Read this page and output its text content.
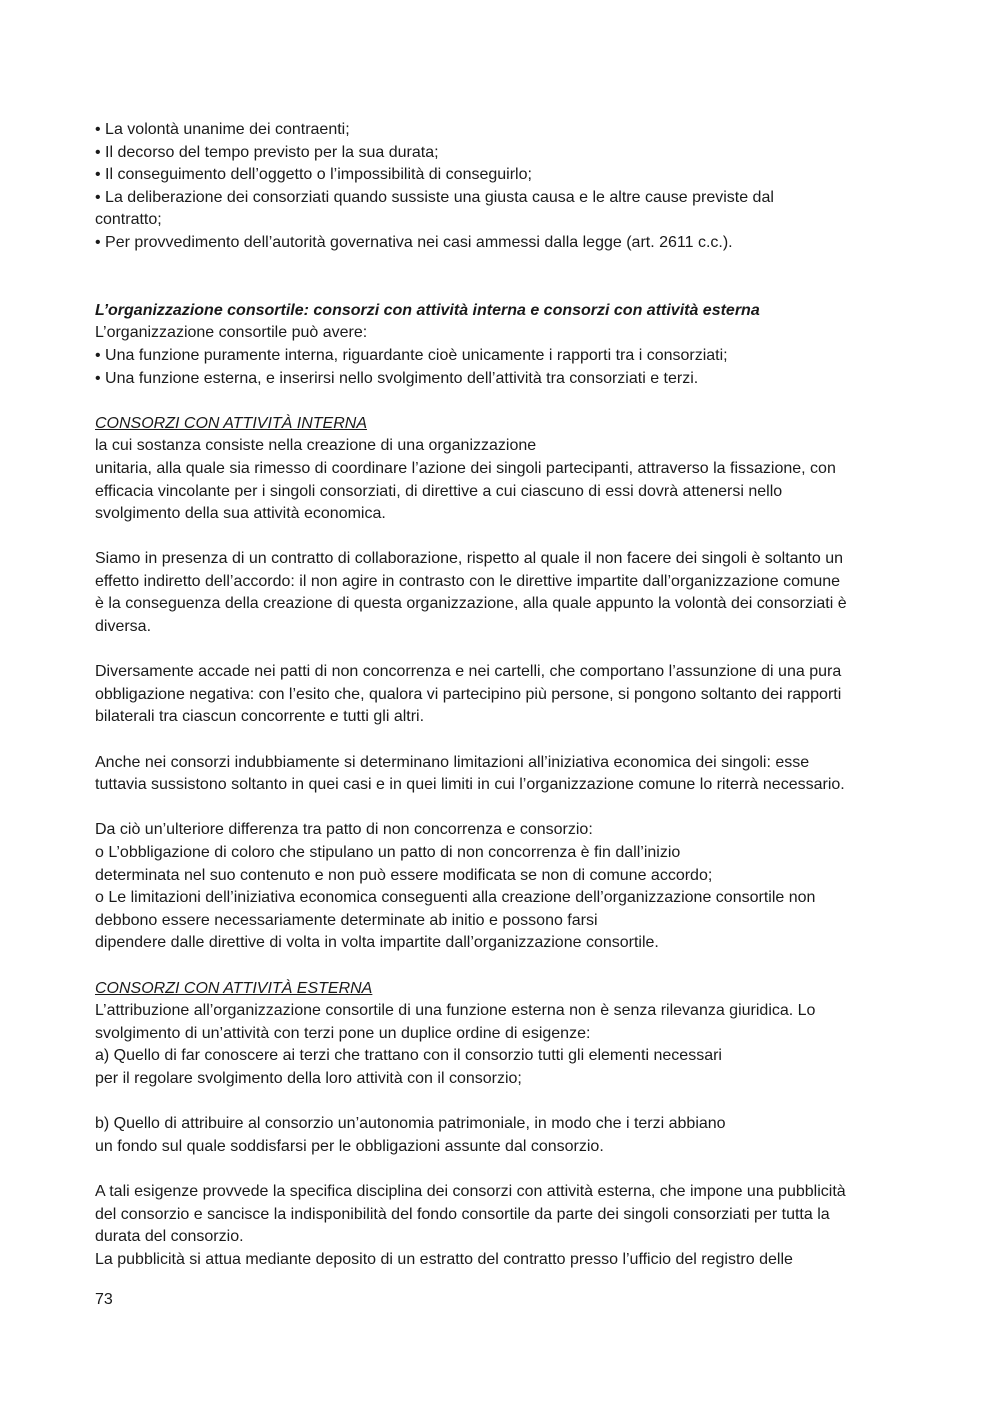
• La volontà unanime dei contraenti;
• Il decorso del tempo previsto per la sua durata;
• Il conseguimento dell’oggetto o l’impossibilità di conseguirlo;
• La deliberazione dei consorziati quando sussiste una giusta causa e le altre cause previste dal
contratto;
• Per provvedimento dell’autorità governativa nei casi ammessi dalla legge (art. 2611 c.c.).
L’organizzazione consortile: consorzi con attività interna e consorzi con attività esterna
L’organizzazione consortile può avere:
• Una funzione puramente interna, riguardante cioè unicamente i rapporti tra i consorziati;
• Una funzione esterna, e inserirsi nello svolgimento dell’attività tra consorziati e terzi.
CONSORZI CON ATTIVITÀ INTERNA
la cui sostanza consiste nella creazione di una organizzazione
unitaria, alla quale sia rimesso di coordinare l’azione dei singoli partecipanti, attraverso la fissazione, con
efficacia vincolante per i singoli consorziati, di direttive a cui ciascuno di essi dovrà attenersi nello
svolgimento della sua attività economica.
Siamo in presenza di un contratto di collaborazione, rispetto al quale il non facere dei singoli è soltanto un
effetto indiretto dell’accordo: il non agire in contrasto con le direttive impartite dall’organizzazione comune
è la conseguenza della creazione di questa organizzazione, alla quale appunto la volontà dei consorziati è
diversa.
Diversamente accade nei patti di non concorrenza e nei cartelli, che comportano l’assunzione di una pura
obbligazione negativa: con l’esito che, qualora vi partecipino più persone, si pongono soltanto dei rapporti
bilaterali tra ciascun concorrente e tutti gli altri.
Anche nei consorzi indubbiamente si determinano limitazioni all’iniziativa economica dei singoli: esse
tuttavia sussistono soltanto in quei casi e in quei limiti in cui l’organizzazione comune lo riterrà necessario.
Da ciò un’ulteriore differenza tra patto di non concorrenza e consorzio:
o L’obbligazione di coloro che stipulano un patto di non concorrenza è fin dall’inizio
determinata nel suo contenuto e non può essere modificata se non di comune accordo;
o Le limitazioni dell’iniziativa economica conseguenti alla creazione dell’organizzazione consortile non
debbono essere necessariamente determinate ab initio e possono farsi
dipendere dalle direttive di volta in volta impartite dall’organizzazione consortile.
CONSORZI CON ATTIVITÀ ESTERNA
L’attribuzione all’organizzazione consortile di una funzione esterna non è senza rilevanza giuridica. Lo
svolgimento di un’attività con terzi pone un duplice ordine di esigenze:
a) Quello di far conoscere ai terzi che trattano con il consorzio tutti gli elementi necessari
per il regolare svolgimento della loro attività con il consorzio;
b) Quello di attribuire al consorzio un’autonomia patrimoniale, in modo che i terzi abbiano
un fondo sul quale soddisfarsi per le obbligazioni assunte dal consorzio.
A tali esigenze provvede la specifica disciplina dei consorzi con attività esterna, che impone una pubblicità
del consorzio e sancisce la indisponibilità del fondo consortile da parte dei singoli consorziati per tutta la
durata del consorzio.
La pubblicità si attua mediante deposito di un estratto del contratto presso l’ufficio del registro delle
73
